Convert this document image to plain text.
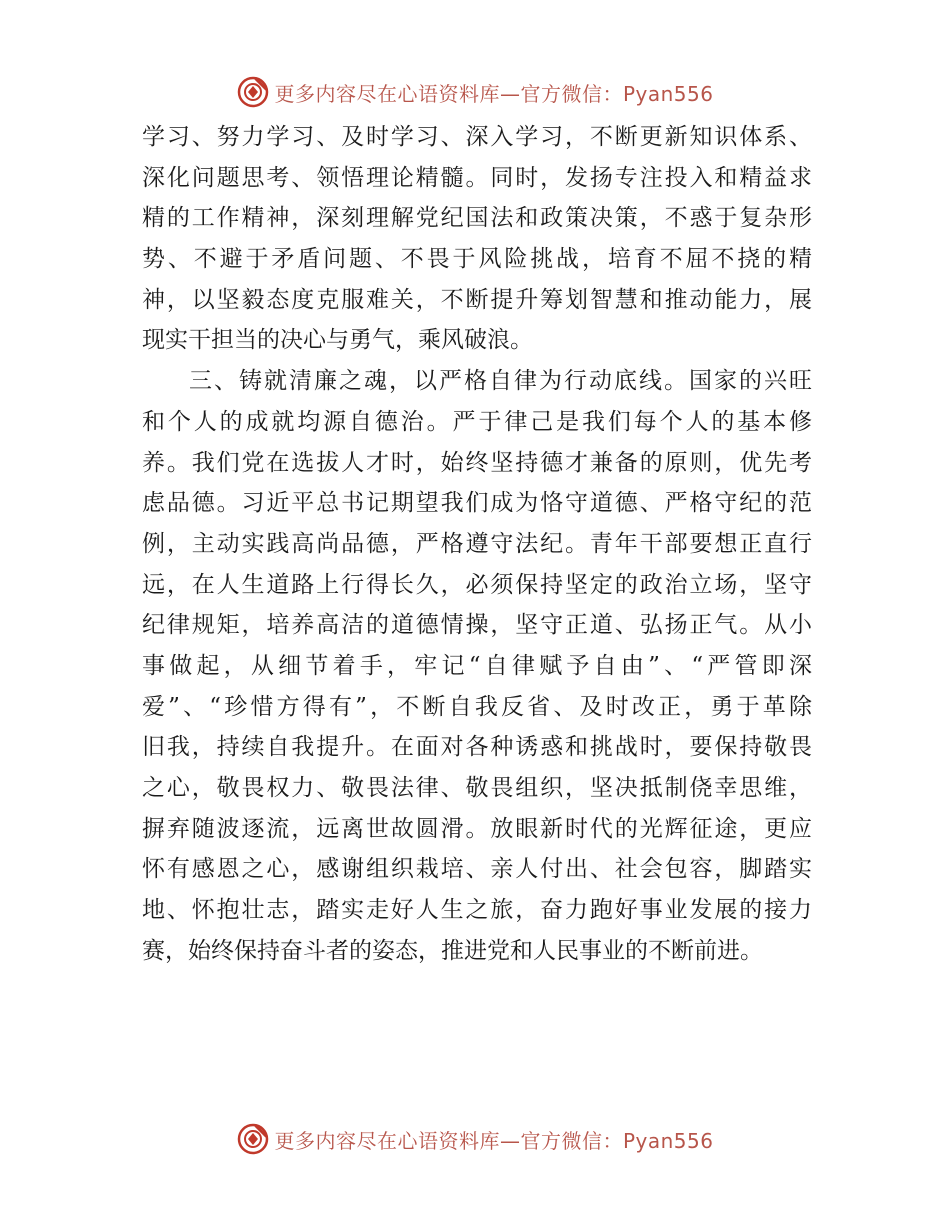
更多内容尽在心语资料库—官方微信：Pyan556
学习、努力学习、及时学习、深入学习，不断更新知识体系、
深化问题思考、领悟理论精髓。同时，发扬专注投入和精益求
精的工作精神，深刻理解党纪国法和政策决策，不惑于复杂形
势、不避于矛盾问题、不畏于风险挑战，培育不屈不挠的精
神，以坚毅态度克服难关，不断提升筹划智慧和推动能力，展
现实干担当的决心与勇气，乘风破浪。
三、铸就清廉之魂，以严格自律为行动底线。国家的兴旺
和个人的成就均源自德治。严于律己是我们每个人的基本修
养。我们党在选拔人才时，始终坚持德才兼备的原则，优先考
虑品德。习近平总书记期望我们成为恪守道德、严格守纪的范
例，主动实践高尚品德，严格遵守法纪。青年干部要想正直行
远，在人生道路上行得长久，必须保持坚定的政治立场，坚守
纪律规矩，培养高洁的道德情操，坚守正道、弘扬正气。从小
事做起，从细节着手，牢记“自律赋予自由”、“严管即深
爱”、“珍惜方得有”，不断自我反省、及时改正，勇于革除
旧我，持续自我提升。在面对各种诱惑和挑战时，要保持敬畏
之心，敬畏权力、敬畏法律、敬畏组织，坚决抵制侥幸思维，
摒弃随波逐流，远离世故圆滑。放眼新时代的光辉征途，更应
怀有感恩之心，感谢组织栽培、亲人付出、社会包容，脚踏实
地、怀抱壮志，踏实走好人生之旅，奋力跑好事业发展的接力
赛，始终保持奋斗者的姿态，推进党和人民事业的不断前进。
更多内容尽在心语资料库—官方微信：Pyan556
